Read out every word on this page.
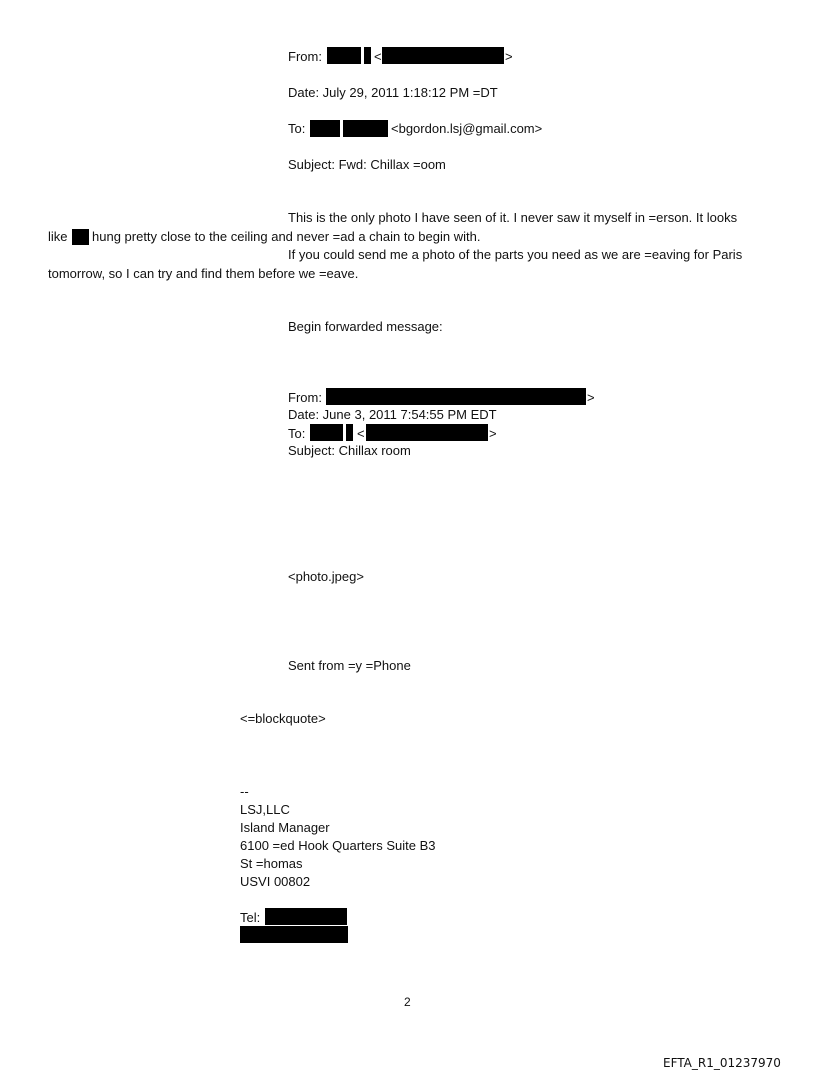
From:	<	>
Date: July 29, 2011 1:18:12 PM =DT
To:	<bgordon.lsj@gmail.com>
Subject: Fwd: Chillax =oom
This is the only photo I have seen of it. I never saw it myself in =erson. It looks
like hung pretty close to the ceiling and never =ad a chain to begin with.
If you could send me a photo of the parts you need as we are =eaving for Paris
tomorrow, so I can try and find them before we =eave.
Begin forwarded message:
From:	>
Date: June 3, 2011 7:54:55 PM EDT
To:	<	>
Subject: Chillax room
<photo.jpeg>
Sent from =y =Phone
<=blockquote>
--
LSJ,LLC
Island Manager
6100 =ed Hook Quarters Suite B3
St =homas
USVI 00802
Tel:
2
EFTA_R1_01237970
